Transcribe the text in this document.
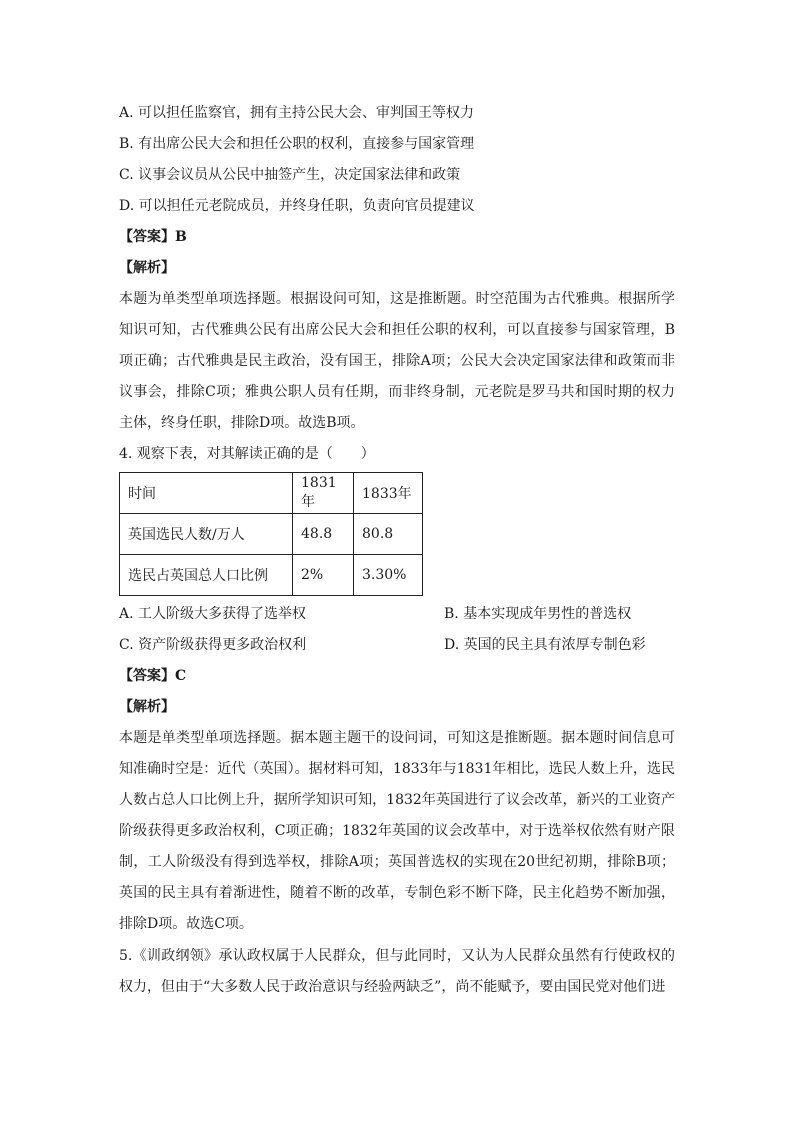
A. 可以担任监察官，拥有主持公民大会、审判国王等权力
B. 有出席公民大会和担任公职的权利，直接参与国家管理
C. 议事会议员从公民中抽签产生，决定国家法律和政策
D. 可以担任元老院成员，并终身任职，负责向官员提建议
【答案】B
【解析】
本题为单类型单项选择题。根据设问可知，这是推断题。时空范围为古代雅典。根据所学知识可知，古代雅典公民有出席公民大会和担任公职的权利，可以直接参与国家管理，B项正确；古代雅典是民主政治，没有国王，排除A项；公民大会决定国家法律和政策而非议事会，排除C项；雅典公职人员有任期，而非终身制，元老院是罗马共和国时期的权力主体，终身任职，排除D项。故选B项。
4. 观察下表，对其解读正确的是（　　）
时间	1831年	1833年
英国选民人数/万人	48.8	80.8
选民占英国总人口比例	2%	3.30%
A. 工人阶级大多获得了选举权	B. 基本实现成年男性的普选权
C. 资产阶级获得更多政治权利	D. 英国的民主具有浓厚专制色彩
【答案】C
【解析】
本题是单类型单项选择题。据本题主题干的设问词，可知这是推断题。据本题时间信息可知准确时空是：近代（英国）。据材料可知，1833年与1831年相比，选民人数上升，选民人数占总人口比例上升，据所学知识可知，1832年英国进行了议会改革，新兴的工业资产阶级获得更多政治权利，C项正确；1832年英国的议会改革中，对于选举权依然有财产限制，工人阶级没有得到选举权，排除A项；英国普选权的实现在20世纪初期，排除B项；英国的民主具有着渐进性，随着不断的改革，专制色彩不断下降，民主化趋势不断加强，排除D项。故选C项。
5.《训政纲领》承认政权属于人民群众，但与此同时，又认为人民群众虽然有行使政权的权力，但由于“大多数人民于政治意识与经验两缺乏”，尚不能赋予，要由国民党对他们进
